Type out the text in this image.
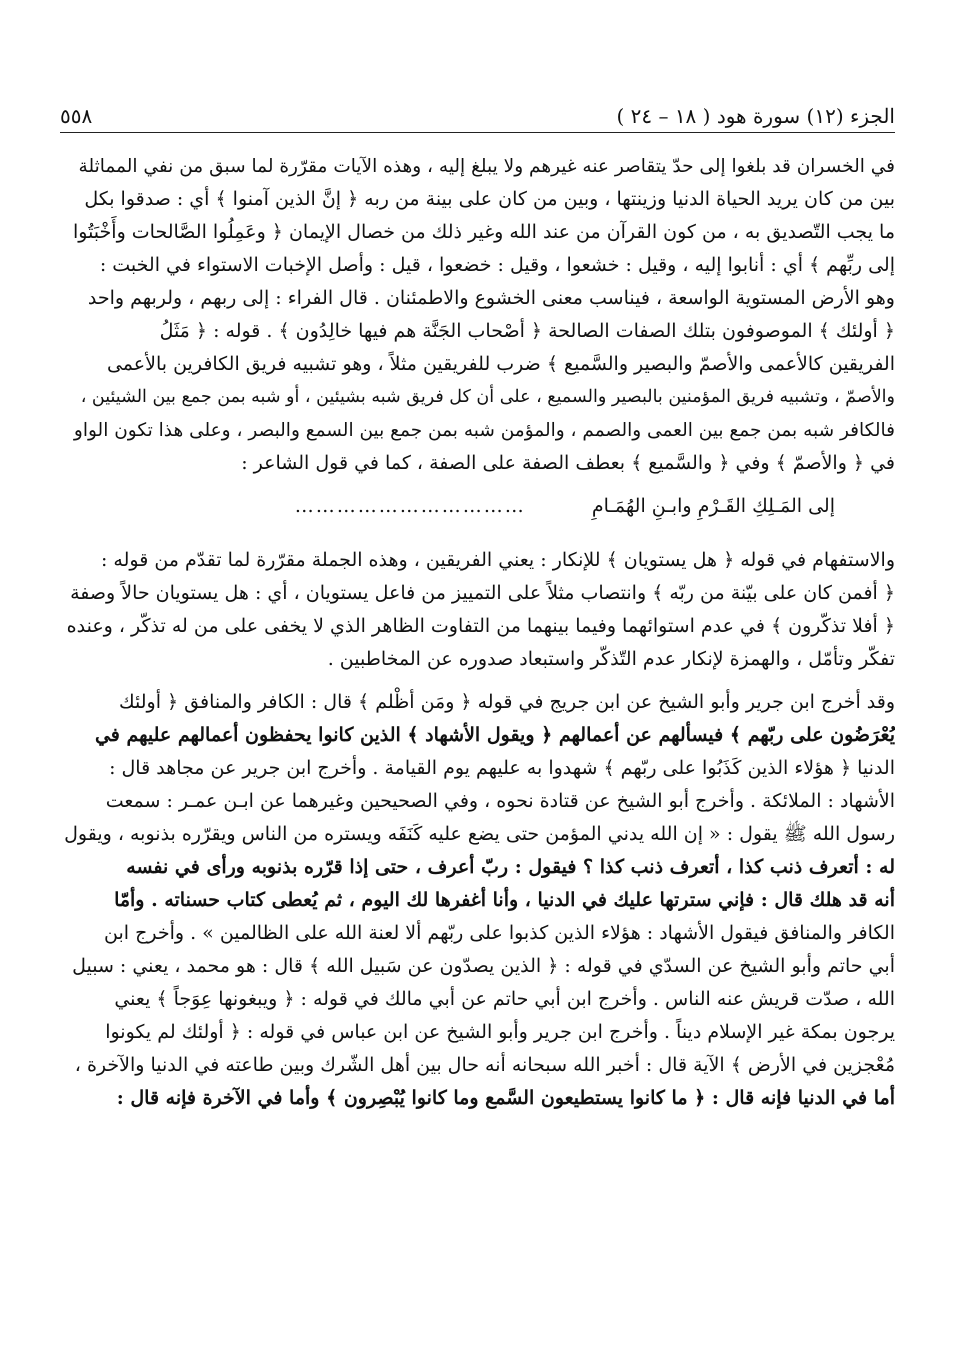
الجزء (١٢) سورة هود ( ١٨ – ٢٤ )
٥٥٨
في الخسران قد بلغوا إلى حدّ يتقاصر عنه غيرهم ولا يبلغ إليه ، وهذه الآيات مقرّرة لما سبق من نفي المماثلة
بين من كان يريد الحياة الدنيا وزينتها ، وبين من كان على بينة من ربه ﴿ إنَّ الذين آمنوا ﴾ أي : صدقوا بكل
ما يجب التّصديق به ، من كون القرآن من عند الله وغير ذلك من خصال الإيمان ﴿ وعَمِلُوا الصَّالحات وأَخْبَتُوا
إلى ربِّهم ﴾ أي : أنابوا إليه ، وقيل : خشعوا ، وقيل : خضعوا ، قيل : وأصل الإخبات الاستواء في الخبت :
وهو الأرض المستوية الواسعة ، فيناسب معنى الخشوع والاطمئنان . قال الفراء : إلى ربهم ، ولربهم واحد
﴿ أولئك ﴾ الموصوفون بتلك الصفات الصالحة ﴿ أصْحاب الجَنَّة هم فيها خالِدُون ﴾ . قوله : ﴿ مَثَلُ
الفريقين كالأعمى والأصمّ والبصير والسَّميع ﴾ ضرب للفريقين مثلاً ، وهو تشبيه فريق الكافرين بالأعمى
والأصمّ ، وتشبيه فريق المؤمنين بالبصير والسميع ، على أن كل فريق شبه بشيئين ، أو شبه بمن جمع بين الشيئين ،
فالكافر شبه بمن جمع بين العمى والصمم ، والمؤمن شبه بمن جمع بين السمع والبصر ، وعلى هذا تكون الواو
في ﴿ والأصمّ ﴾ وفي ﴿ والسَّميع ﴾ بعطف الصفة على الصفة ، كما في قول الشاعر :
إلى المَـلِكِ القَـرْمِ وابـنِ الهُمَـامِ ……………………………
والاستفهام في قوله ﴿ هل يستويان ﴾ للإنكار : يعني الفريقين ، وهذه الجملة مقرّرة لما تقدّم من قوله :
﴿ أفمن كان على بيّنة من ربّه ﴾ وانتصاب مثلاً على التمييز من فاعل يستويان ، أي : هل يستويان حالاً وصفة
﴿ أفلا تذكّرون ﴾ في عدم استوائهما وفيما بينهما من التفاوت الظاهر الذي لا يخفى على من له تذكّر ، وعنده
تفكّر وتأمّل ، والهمزة لإنكار عدم التّذكّر واستبعاد صدوره عن المخاطبين .
وقد أخرج ابن جرير وأبو الشيخ عن ابن جريج في قوله ﴿ ومَن أظْلم ﴾ قال : الكافر والمنافق ﴿ أولئك
يُعْرَضُون على ربّهم ﴾ فيسألهم عن أعمالهم ﴿ ويقول الأشهاد ﴾ الذين كانوا يحفظون أعمالهم عليهم في
الدنيا ﴿ هؤلاء الذين كَذَبُوا على ربّهم ﴾ شهدوا به عليهم يوم القيامة . وأخرج ابن جرير عن مجاهد قال :
الأشهاد : الملائكة . وأخرج أبو الشيخ عن قتادة نحوه ، وفي الصحيحين وغيرهما عن ابـن عمـر : سمعت
رسول الله ﷺ يقول : « إن الله يدني المؤمن حتى يضع عليه كَنَفَه ويستره من الناس ويقرّره بذنوبه ، ويقول
له : أتعرف ذنب كذا ، أتعرف ذنب كذا ؟ فيقول : ربّ أعرف ، حتى إذا قرّره بذنوبه ورأى في نفسه
أنه قد هلك قال : فإني سترتها عليك في الدنيا ، وأنا أغفرها لك اليوم ، ثم يُعطى كتاب حسناته . وأمّا
الكافر والمنافق فيقول الأشهاد : هؤلاء الذين كذبوا على ربّهم ألا لعنة الله على الظالمين » . وأخرج ابن
أبي حاتم وأبو الشيخ عن السدّي في قوله : ﴿ الذين يصدّون عن سَبيل الله ﴾ قال : هو محمد ، يعني : سبيل
الله ، صدّت قريش عنه الناس . وأخرج ابن أبي حاتم عن أبي مالك في قوله : ﴿ ويبغونها عِوَجاً ﴾ يعني
يرجون بمكة غير الإسلام ديناً . وأخرج ابن جرير وأبو الشيخ عن ابن عباس في قوله : ﴿ أولئك لم يكونوا
مُعْجزين في الأرض ﴾ الآية قال : أخبر الله سبحانه أنه حال بين أهل الشّرك وبين طاعته في الدنيا والآخرة ،
أما في الدنيا فإنه قال : ﴿ ما كانوا يستطيعون السَّمع وما كانوا يُبْصِرون ﴾ وأما في الآخرة فإنه قال :
